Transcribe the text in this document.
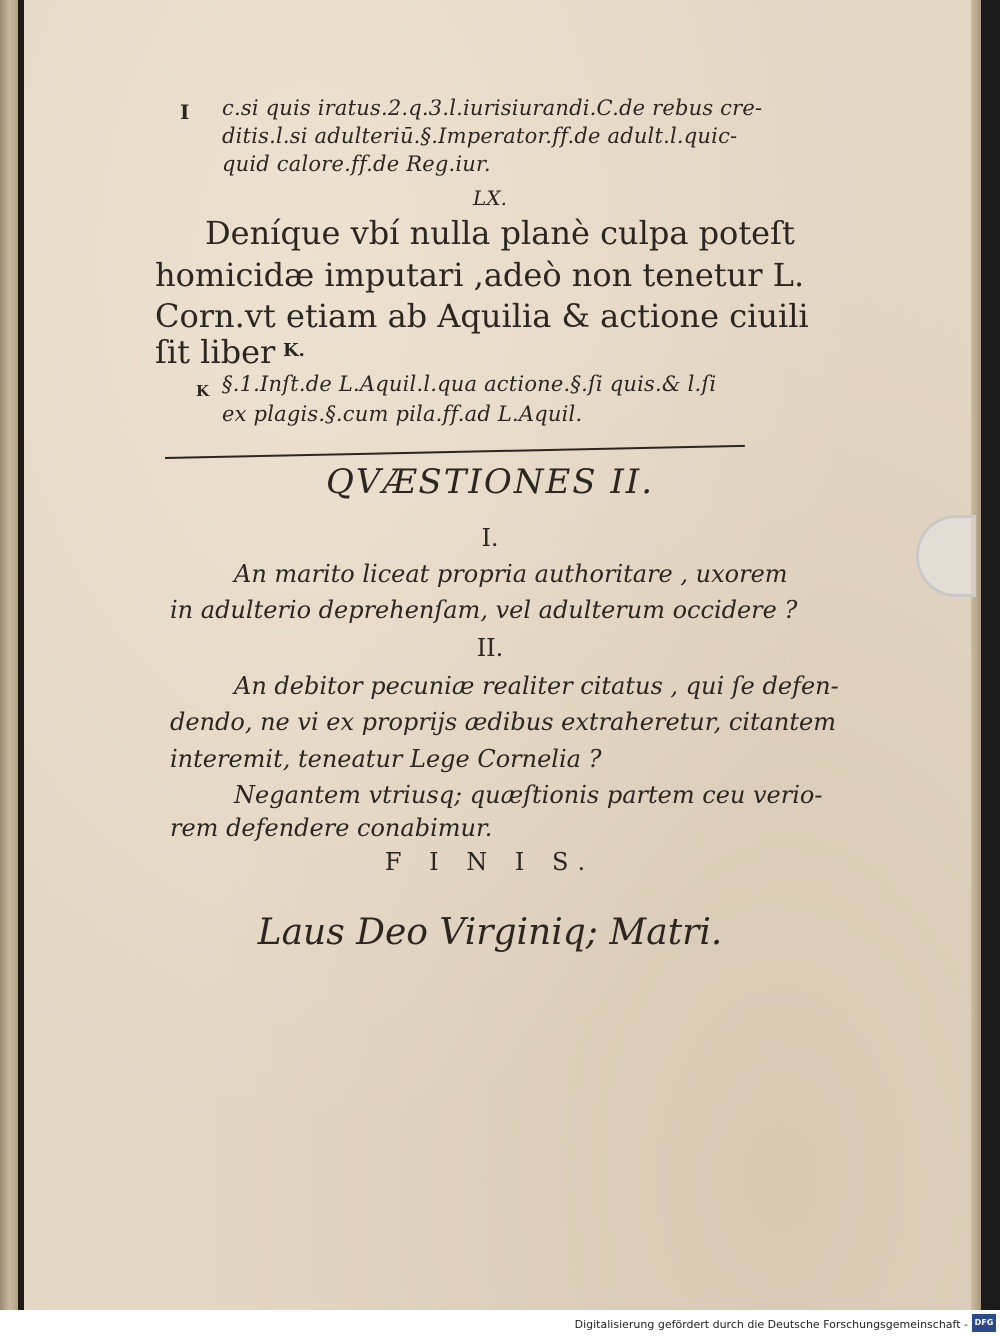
I c.si quis iratus.2.q.3.l.iurisiurandi.C.de rebus cre-
ditis.l.si adulteriū.§.Imperator.ff.de adult.l.quic-
quid calore.ff.de Reg.iur.
LX.
Deníque vbí nulla planè culpa poteſt
homicidæ imputari ,adeò non tenetur L.
Corn.vt etiam ab Aquilia & actione ciuili
ſit liber K.
K §.1.Inſt.de L.Aquil.l.qua actione.§.ſi quis.& l.ſi
ex plagis.§.cum pila.ff.ad L.Aquil.
QVÆSTIONES II.
I.
An marito liceat propria authoritare , uxorem
in adulterio deprehenſam, vel adulterum occidere ?
II.
An debitor pecuniæ realiter citatus , qui ſe defen-
dendo, ne vi ex proprijs ædibus extraheretur, citantem
interemit, teneatur Lege Cornelia ?
Negantem vtriusq; quæſtionis partem ceu verio-
rem defendere conabimur.
F I N I S.
Laus Deo Virginiq; Matri.
Digitalisierung gefördert durch die Deutsche Forschungsgemeinschaft - DFG
